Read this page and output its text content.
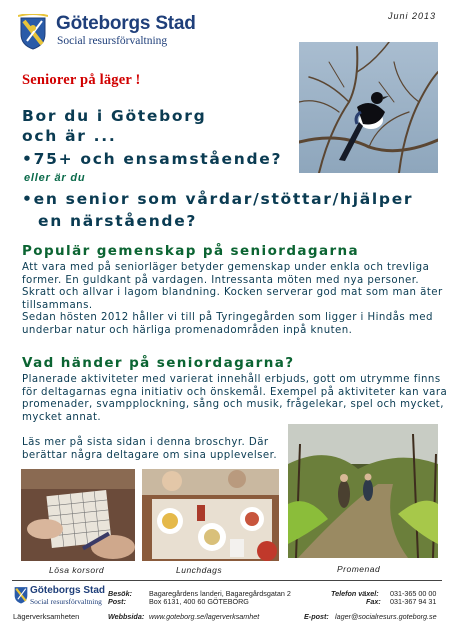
Göteborgs Stad
Social resursförvaltning
Juni 2013
Seniorer på läger !
Bor du i Göteborg
och är ...
•75+ och ensamstående?
eller är du
•en senior som vårdar/stöttar/hjälper
en närstående?
Populär gemenskap på seniordagarna
Att vara med på seniorläger betyder gemenskap under enkla och trevliga
former. En guldkant på vardagen. Intressanta möten med nya personer.
Skratt och allvar i lagom blandning. Kocken serverar god mat som man äter
tillsammans.
Sedan hösten 2012 håller vi till på Tyringegården som ligger i Hindås med
underbar natur och härliga promenadområden inpå knuten.
Vad händer på seniordagarna?
Planerade aktiviteter med varierat innehåll erbjuds, gott om utrymme finns
för deltagarnas egna initiativ och önskemål. Exempel på aktiviteter kan vara
promenader, svampplockning, sång och musik, frågelekar, spel och mycket,
mycket annat.
Läs mer på sista sidan i denna broschyr. Där
berättar några deltagare om sina upplevelser.
Lösa korsord	Lunchdags	Promenad
Göteborgs Stad
Social resursförvaltning
Besök: Bagaregårdens landeri, Bagaregårdsgatan 2
Post:	Box 6131, 400 60 GÖTEBORG
Telefon växel: 031-365 00 00
Fax: 031-367 94 31
Lägerverksamheten	Webbsida: www.goteborg.se/lagerverksamhet	E-post: lager@socialresurs.goteborg.se
